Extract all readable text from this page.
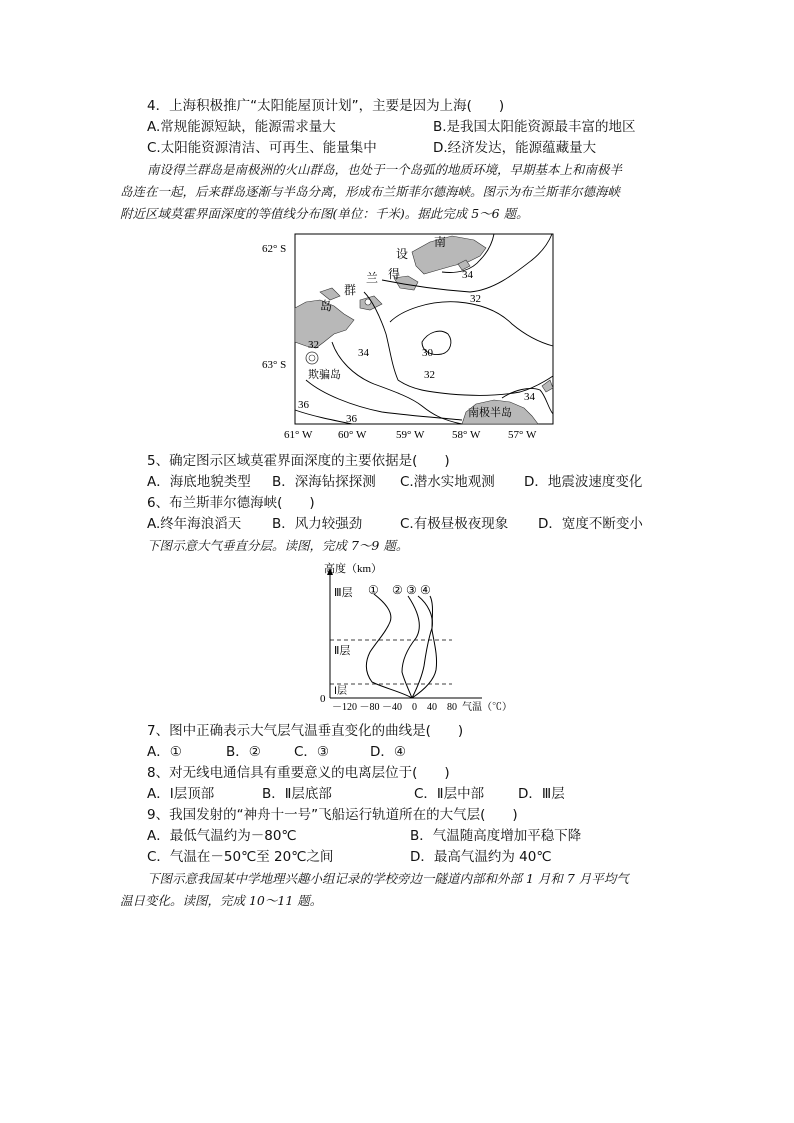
4．上海积极推广“太阳能屋顶计划”，主要是因为上海(　　)
A.常规能源短缺，能源需求量大	B.是我国太阳能资源最丰富的地区
C.太阳能资源清洁、可再生、能量集中	D.经济发达，能源蕴藏量大
南设得兰群岛是南极洲的火山群岛，也处于一个岛弧的地质环境，早期基本上和南极半
岛连在一起，后来群岛逐渐与半岛分离，形成布兰斯菲尔德海峡。图示为布兰斯菲尔德海峡
附近区域莫霍界面深度的等值线分布图(单位：千米)。据此完成 5～6 题。
34
32
30
32
34
32
36
36
34
南
设
得
兰
群
岛
欺骗岛
南极半岛
62° S
63° S
61° W 60° W	59° W	58° W	57° W
5、确定图示区域莫霍界面深度的主要依据是(　　)
A．海底地貌类型 B．深海钻探探测 C.潜水实地观测 D．地震波速度变化
6、布兰斯菲尔德海峡(　　)
A.终年海浪滔天 B．风力较强劲	C.有极昼极夜现象 D．宽度不断变小
下图示意大气垂直分层。读图，完成 7～9 题。
高度（km）
Ⅲ层
Ⅱ层
Ⅰ层
① ② ③ ④
0
－120 －80 －40　0　40　80 气温（℃）
7、图中正确表示大气层气温垂直变化的曲线是(　　)
A．①	B．② C．③	D．④
8、对无线电通信具有重要意义的电离层位于(　　)
A．Ⅰ层顶部	B．Ⅱ层底部	C．Ⅱ层中部	D．Ⅲ层
9、我国发射的“神舟十一号”飞船运行轨道所在的大气层(　　)
A．最低气温约为－80℃	B．气温随高度增加平稳下降
C．气温在－50℃至 20℃之间	D．最高气温约为 40℃
下图示意我国某中学地理兴趣小组记录的学校旁边一隧道内部和外部 1 月和 7 月平均气
温日变化。读图，完成 10～11 题。
